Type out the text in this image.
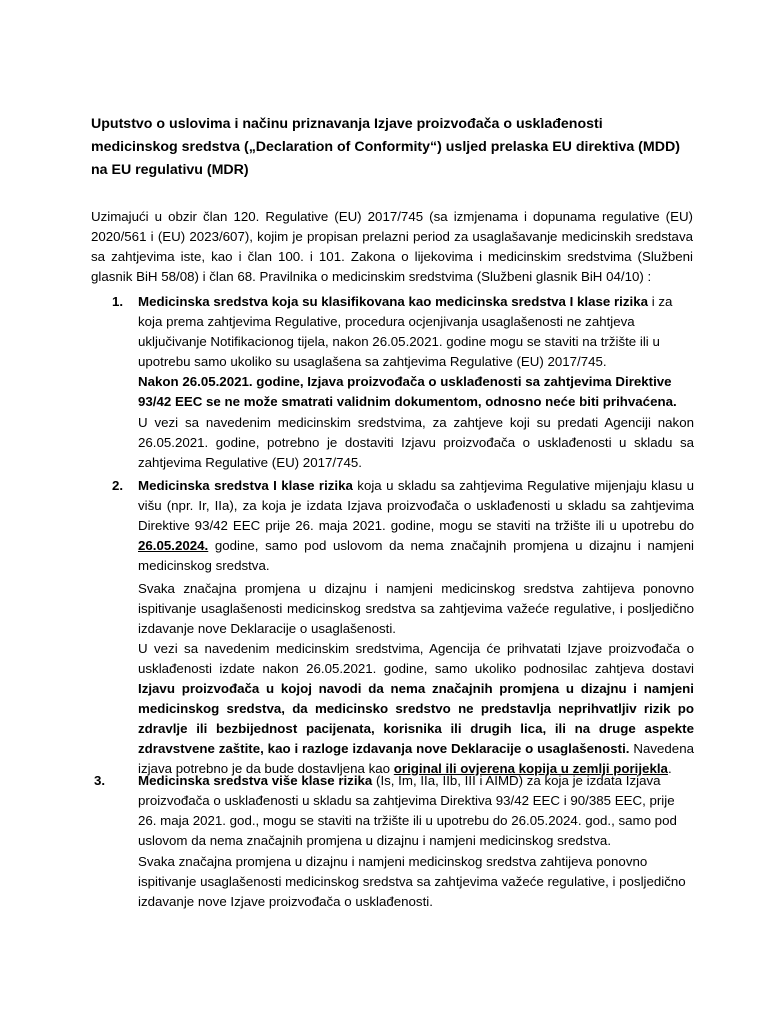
Uputstvo o uslovima i načinu priznavanja Izjave proizvođača o usklađenosti medicinskog sredstva („Declaration of Conformity“) usljed prelaska EU direktiva (MDD) na EU regulativu (MDR)

Uzimajući u obzir član 120. Regulative (EU) 2017/745 (sa izmjenama i dopunama regulative (EU) 2020/561 i (EU) 2023/607), kojim je propisan prelazni period za usaglašavanje medicinskih sredstava sa zahtjevima iste, kao i član 100. i 101. Zakona o lijekovima i medicinskim sredstvima (Službeni glasnik BiH 58/08) i član 68. Pravilnika o medicinskim sredstvima (Službeni glasnik BiH 04/10) :

1. Medicinska sredstva koja su klasifikovana kao medicinska sredstva I klase rizika i za koja prema zahtjevima Regulative, procedura ocjenjivanja usaglašenosti ne zahtjeva uključivanje Notifikacionog tijela, nakon 26.05.2021. godine mogu se staviti na tržište ili u upotrebu samo ukoliko su usaglašena sa zahtjevima Regulative (EU) 2017/745.

Nakon 26.05.2021. godine, Izjava proizvođača o usklađenosti sa zahtjevima Direktive 93/42 EEC se ne može smatrati validnim dokumentom, odnosno neće biti prihvaćena.

U vezi sa navedenim medicinskim sredstvima, za zahtjeve koji su predati Agenciji nakon 26.05.2021. godine, potrebno je dostaviti Izjavu proizvođača o usklađenosti u skladu sa zahtjevima Regulative (EU) 2017/745.

2. Medicinska sredstva I klase rizika koja u skladu sa zahtjevima Regulative mijenjaju klasu u višu (npr. Ir, IIa), za koja je izdata Izjava proizvođača o usklađenosti u skladu sa zahtjevima Direktive 93/42 EEC prije 26. maja 2021. godine, mogu se staviti na tržište ili u upotrebu do 26.05.2024. godine, samo pod uslovom da nema značajnih promjena u dizajnu i namjeni medicinskog sredstva.

Svaka značajna promjena u dizajnu i namjeni medicinskog sredstva zahtijeva ponovno ispitivanje usaglašenosti medicinskog sredstva sa zahtjevima važeće regulative, i posljedično izdavanje nove Deklaracije o usaglašenosti.

U vezi sa navedenim medicinskim sredstvima, Agencija će prihvatati Izjave proizvođača o usklađenosti izdate nakon 26.05.2021. godine, samo ukoliko podnosilac zahtjeva dostavi Izjavu proizvođača u kojoj navodi da nema značajnih promjena u dizajnu i namjeni medicinskog sredstva, da medicinsko sredstvo ne predstavlja neprihvatljiv rizik po zdravlje ili bezbijednost pacijenata, korisnika ili drugih lica, ili na druge aspekte zdravstvene zaštite, kao i razloge izdavanja nove Deklaracije o usaglašenosti. Navedena izjava potrebno je da bude dostavljena kao original ili ovjerena kopija u zemlji porijekla.

3. Medicinska sredstva više klase rizika (Is, Im, IIa, IIb, III i AIMD) za koja je izdata Izjava proizvođača o usklađenosti u skladu sa zahtjevima Direktiva 93/42 EEC i 90/385 EEC, prije 26. maja 2021. god., mogu se staviti na tržište ili u upotrebu do 26.05.2024. god., samo pod uslovom da nema značajnih promjena u dizajnu i namjeni medicinskog sredstva.

Svaka značajna promjena u dizajnu i namjeni medicinskog sredstva zahtijeva ponovno ispitivanje usaglašenosti medicinskog sredstva sa zahtjevima važeće regulative, i posljedično izdavanje nove Izjave proizvođača o usklađenosti.
